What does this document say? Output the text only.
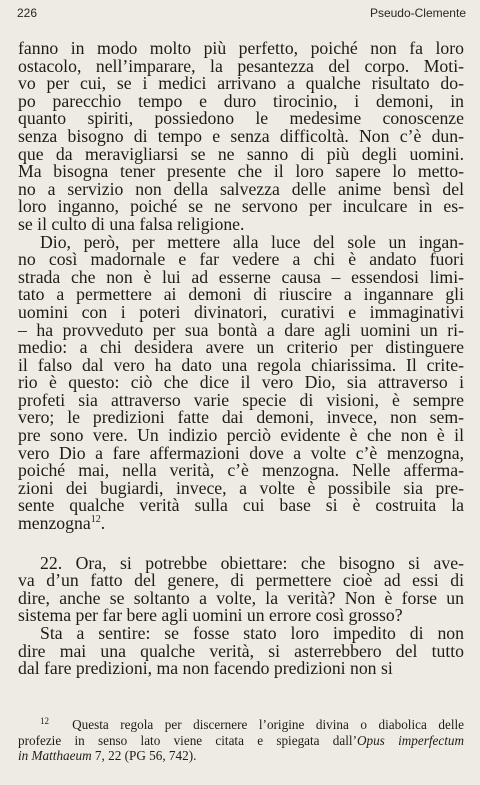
226	Pseudo-Clemente
fanno in modo molto più perfetto, poiché non fa loro
ostacolo, nell’imparare, la pesantezza del corpo. Moti-
vo per cui, se i medici arrivano a qualche risultato do-
po parecchio tempo e duro tirocinio, i demoni, in
quanto spiriti, possiedono le medesime conoscenze
senza bisogno di tempo e senza difficoltà. Non c’è dun-
que da meravigliarsi se ne sanno di più degli uomini.
Ma bisogna tener presente che il loro sapere lo metto-
no a servizio non della salvezza delle anime bensì del
loro inganno, poiché se ne servono per inculcare in es-
se il culto di una falsa religione.
Dio, però, per mettere alla luce del sole un ingan-
no così madornale e far vedere a chi è andato fuori
strada che non è lui ad esserne causa – essendosi limi-
tato a permettere ai demoni di riuscire a ingannare gli
uomini con i poteri divinatori, curativi e immaginativi
– ha provveduto per sua bontà a dare agli uomini un ri-
medio: a chi desidera avere un criterio per distinguere
il falso dal vero ha dato una regola chiarissima. Il crite-
rio è questo: ciò che dice il vero Dio, sia attraverso i
profeti sia attraverso varie specie di visioni, è sempre
vero; le predizioni fatte dai demoni, invece, non sem-
pre sono vere. Un indizio perciò evidente è che non è il
vero Dio a fare affermazioni dove a volte c’è menzogna,
poiché mai, nella verità, c’è menzogna. Nelle afferma-
zioni dei bugiardi, invece, a volte è possibile sia pre-
sente qualche verità sulla cui base si è costruita la
menzogna$^{12}$.
22. Ora, si potrebbe obiettare: che bisogno si ave-
va d’un fatto del genere, di permettere cioè ad essi di
dire, anche se soltanto a volte, la verità? Non è forse un
sistema per far bere agli uomini un errore così grosso?
Sta a sentire: se fosse stato loro impedito di non
dire mai una qualche verità, si asterrebbero del tutto
dal fare predizioni, ma non facendo predizioni non si
$^{12}$ Questa regola per discernere l’origine divina o diabolica delle
profezie in senso lato viene citata e spiegata dall’Opus imperfectum
in Matthaeum 7, 22 (PG 56, 742).
